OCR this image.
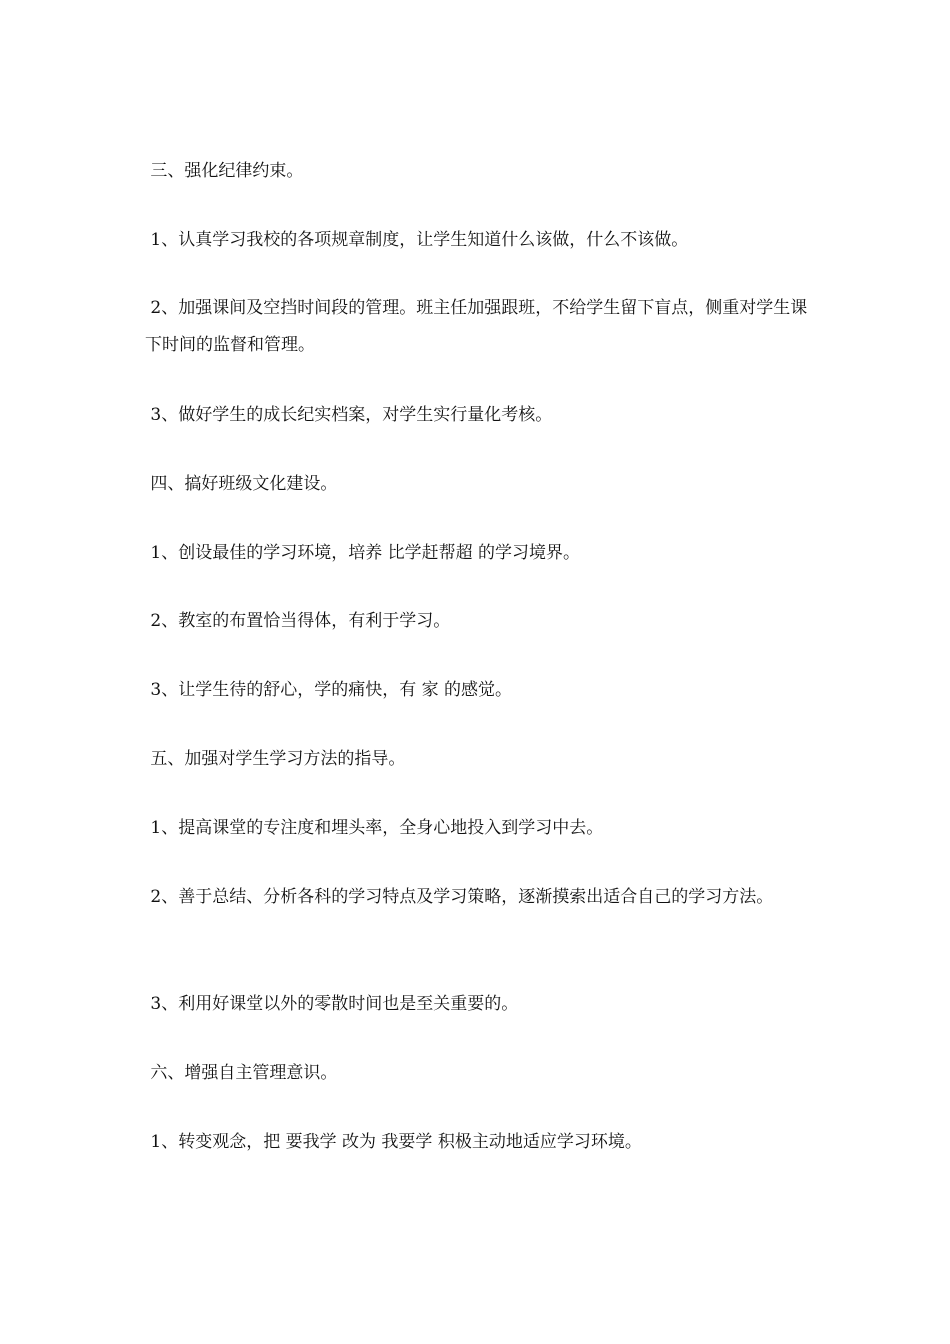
三、强化纪律约束。

1、认真学习我校的各项规章制度，让学生知道什么该做，什么不该做。

2、加强课间及空挡时间段的管理。班主任加强跟班，不给学生留下盲点，侧重对学生课下时间的监督和管理。

3、做好学生的成长纪实档案，对学生实行量化考核。

四、搞好班级文化建设。

1、创设最佳的学习环境，培养 比学赶帮超 的学习境界。

2、教室的布置恰当得体，有利于学习。

3、让学生待的舒心，学的痛快，有 家 的感觉。

五、加强对学生学习方法的指导。

1、提高课堂的专注度和埋头率，全身心地投入到学习中去。

2、善于总结、分析各科的学习特点及学习策略，逐渐摸索出适合自己的学习方法。

3、利用好课堂以外的零散时间也是至关重要的。

六、增强自主管理意识。

1、转变观念，把 要我学 改为 我要学 积极主动地适应学习环境。
